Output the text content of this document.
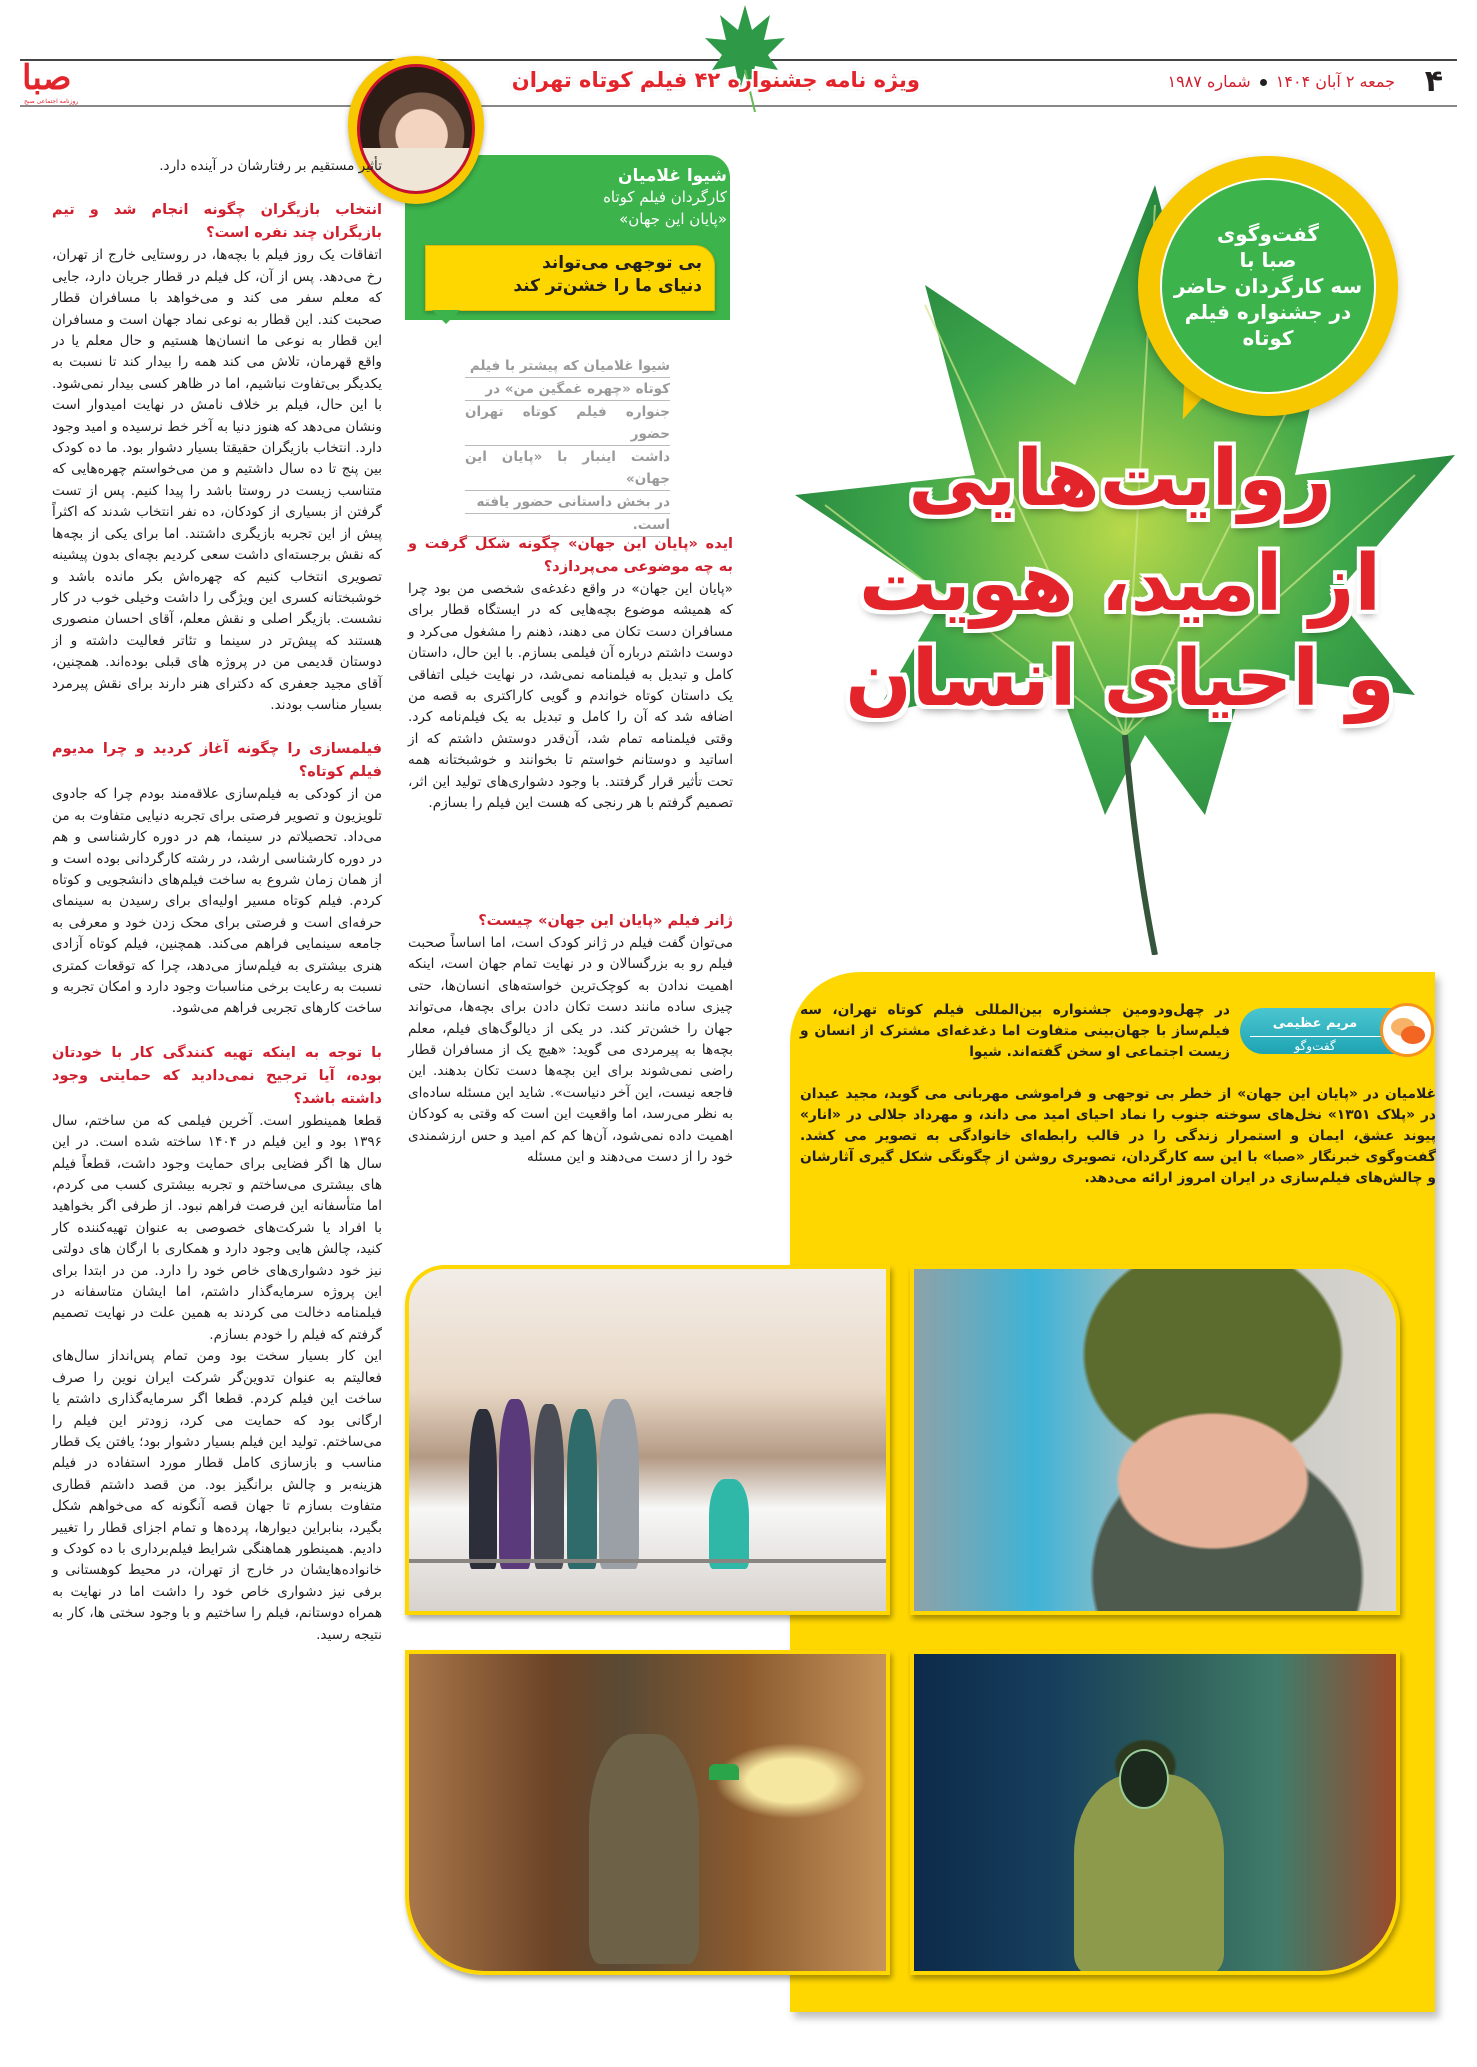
۴
جمعه ۲ آبان ۱۴۰۴  شماره ۱۹۸۷
ویژه نامه جشنواره ۴۲ فیلم کوتاه تهران
صبا
روزنامه اجتماعی صبح
روایت‌هایی
از امید، هویت
و احیای انسان
گفت‌وگوی
صبا با
سه کارگردان حاضر
در جشنواره فیلم
کوتاه
شیوا غلامیان
کارگردان فیلم کوتاه
«پایان این جهان»
بی توجهی می‌تواند
دنیای ما را خشن‌تر کند
شیوا غلامیان که پیشتر با فیلم
کوتاه «چهره غمگین من» در
جنواره فیلم کوتاه تهران حضور
داشت اینبار با «پایان این جهان»
در بخش داستانی حضور یافته
است.

ایده «پایان این جهان» چگونه شکل گرفت و به چه موضوعی می‌پردازد؟

«پایان این جهان» در واقع دغدغه‌ی شخصی من بود چرا که همیشه موضوع بچه‌هایی که در ایستگاه قطار برای مسافران دست تکان می دهند، ذهنم را مشغول می‌کرد و دوست داشتم درباره آن فیلمی بسازم. با این حال، داستان کامل و تبدیل به فیلمنامه نمی‌شد، در نهایت خیلی اتفاقی یک داستان کوتاه خواندم و گویی کاراکتری به قصه من اضافه شد که آن را کامل و تبدیل به یک فیلم‌نامه کرد. وقتی فیلمنامه تمام شد، آن‌قدر دوستش داشتم که از اساتید و دوستانم خواستم تا بخوانند و خوشبختانه همه تحت تأثیر قرار گرفتند. با وجود دشواری‌های تولید این اثر، تصمیم گرفتم با هر رنجی که هست این فیلم را بسازم.

ژانر فیلم «پایان این جهان» چیست؟

می‌توان گفت فیلم در ژانر کودک است، اما اساساً صحبت فیلم رو به بزرگسالان و در نهایت تمام جهان است، اینکه اهمیت ندادن به کوچک‌ترین خواسته‌های انسان‌ها، حتی چیزی ساده مانند دست تکان دادن برای بچه‌ها، می‌تواند جهان را خشن‌تر کند. در یکی از دیالوگ‌های فیلم، معلم بچه‌ها به پیرمردی می گوید: «هیچ یک از مسافران قطار راضی نمی‌شوند برای این بچه‌ها دست تکان بدهند. این فاجعه نیست، این آخر دنیاست». شاید این مسئله ساده‌ای به نظر می‌رسد، اما واقعیت این است که وقتی به کودکان اهمیت داده نمی‌شود، آن‌ها کم کم امید و حس ارزشمندی خود را از دست می‌دهند و این مسئله

تأثیر مستقیم بر رفتارشان در آینده دارد.

انتخاب بازیگران چگونه انجام شد و تیم بازیگران چند نفره است؟

اتفاقات یک روز فیلم با بچه‌ها، در روستایی خارج از تهران، رخ می‌دهد. پس از آن، کل فیلم در قطار جریان دارد، جایی که معلم سفر می کند و می‌خواهد با مسافران قطار صحبت کند. این قطار به نوعی نماد جهان است و مسافران این قطار به نوعی ما انسان‌ها هستیم و حال معلم یا در واقع قهرمان، تلاش می کند همه را بیدار کند تا نسبت به یکدیگر بی‌تفاوت نباشیم، اما در ظاهر کسی بیدار نمی‌شود. با این حال، فیلم بر خلاف نامش در نهایت امیدوار است ونشان می‌دهد که هنوز دنیا به آخر خط نرسیده و امید وجود دارد. انتخاب بازیگران حقیقتا بسیار دشوار بود. ما ده کودک بین پنج تا ده سال داشتیم و من می‌خواستم چهره‌هایی که متناسب زیست در روستا باشد را پیدا کنیم. پس از تست گرفتن از بسیاری از کودکان، ده نفر انتخاب شدند که اکثراً پیش از این تجربه بازیگری داشتند. اما برای یکی از بچه‌ها که نقش برجسته‌ای داشت سعی کردیم بچه‌ای بدون پیشینه تصویری انتخاب کنیم که چهره‌اش بکر مانده باشد و خوشبختانه کسری این ویژگی را داشت وخیلی خوب در کار نشست. بازیگر اصلی و نقش معلم، آقای احسان منصوری هستند که پیش‌تر در سینما و تئاتر فعالیت داشته و از دوستان قدیمی من در پروژه های قبلی بوده‌اند. همچنین، آقای مجید جعفری که دکترای هنر دارند برای نقش پیرمرد بسیار مناسب بودند.

فیلمسازی را چگونه آغاز کردید و چرا مدیوم فیلم کوتاه؟

من از کودکی به فیلم‌سازی علاقه‌مند بودم چرا که جادوی تلویزیون و تصویر فرصتی برای تجربه دنیایی متفاوت به من می‌داد. تحصیلاتم در سینما، هم در دوره کارشناسی و هم در دوره کارشناسی ارشد، در رشته کارگردانی بوده است و از همان زمان شروع به ساخت فیلم‌های دانشجویی و کوتاه کردم. فیلم کوتاه مسیر اولیه‌ای برای رسیدن به سینمای حرفه‌ای است و فرصتی برای محک زدن خود و معرفی به جامعه سینمایی فراهم می‌کند. همچنین، فیلم کوتاه آزادی هنری بیشتری به فیلم‌ساز می‌دهد، چرا که توقعات کمتری نسبت به رعایت برخی مناسبات وجود دارد و امکان تجربه و ساخت کارهای تجربی فراهم می‌شود.

با توجه به اینکه تهیه کنندگی کار با خودتان بوده، آیا ترجیح نمی‌دادید که حمایتی وجود داشته باشد؟

قطعا همینطور است. آخرین فیلمی که من ساختم، سال ۱۳۹۶ بود و این فیلم در ۱۴۰۴ ساخته شده است. در این سال ها اگر فضایی برای حمایت وجود داشت، قطعاً فیلم های بیشتری می‌ساختم و تجربه بیشتری کسب می کردم، اما متأسفانه این فرصت فراهم نبود. از طرفی اگر بخواهید با افراد یا شرکت‌های خصوصی به عنوان تهیه‌کننده کار کنید، چالش هایی وجود دارد و همکاری با ارگان های دولتی نیز خود دشواری‌های خاص خود را دارد. من در ابتدا برای این پروژه سرمایه‌گذار داشتم، اما ایشان متاسفانه در فیلمنامه دخالت می کردند به همین علت در نهایت تصمیم گرفتم که فیلم را خودم بسازم.

این کار بسیار سخت بود ومن تمام پس‌انداز سال‌های فعالیتم به عنوان تدوین‌گر شرکت ایران نوین را صرف ساخت این فیلم کردم. قطعا اگر سرمایه‌گذاری داشتم یا ارگانی بود که حمایت می کرد، زودتر این فیلم را می‌ساختم. تولید این فیلم بسیار دشوار بود؛ یافتن یک قطار مناسب و بازسازی کامل قطار مورد استفاده در فیلم هزینه‌بر و چالش برانگیز بود. من قصد داشتم قطاری متفاوت بسازم تا جهان قصه آنگونه که می‌خواهم شکل بگیرد، بنابراین دیوارها، پرده‌ها و تمام اجزای قطار را تغییر دادیم. همینطور هماهنگی شرایط فیلم‌برداری با ده کودک و خانواده‌هایشان در خارج از تهران، در محیط کوهستانی و برفی نیز دشواری خاص خود را داشت اما در نهایت به همراه دوستانم، فیلم را ساختیم و با وجود سختی ها، کار به نتیجه رسید.

مریم عظیمی
گفت‌وگو
در چهل‌ودومین جشنواره بین‌المللی فیلم کوتاه تهران، سه فیلم‌ساز با جهان‌بینی متفاوت اما دغدغه‌ای مشترک از انسان و زیست اجتماعی او سخن گفته‌اند. شیوا
غلامیان در «پایان این جهان» از خطر بی توجهی و فراموشی مهربانی می گوید، مجید عیدان در «پلاک ۱۳۵۱» نخل‌های سوخته جنوب را نماد احیای امید می داند، و مهرداد جلالی در «انار» پیوند عشق، ایمان و استمرار زندگی را در قالب رابطه‌ای خانوادگی به تصویر می کشد. گفت‌وگوی خبرنگار «صبا» با این سه کارگردان، تصویری روشن از چگونگی شکل گیری آثارشان و چالش‌های فیلم‌سازی در ایران امروز ارائه می‌دهد.
